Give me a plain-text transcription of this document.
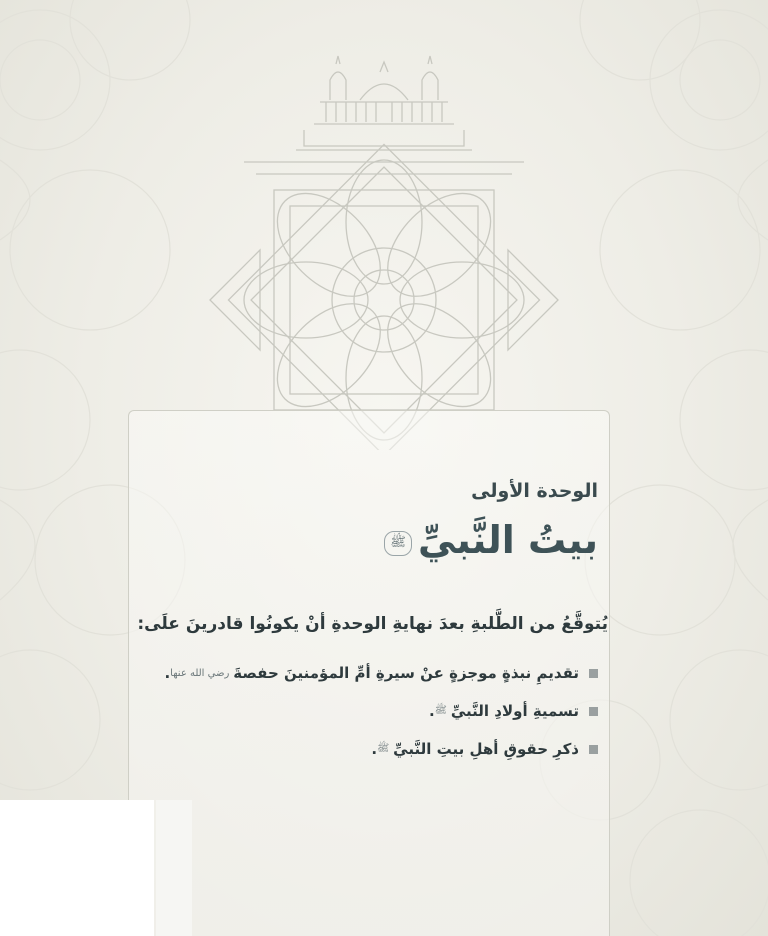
الوحدة الأولى
بيتُ النَّبيِّ
ﷺ
يُتوقَّعُ من الطَّلبةِ بعدَ نهايةِ الوحدةِ أنْ يكونُوا قادرينَ علَى:
تقديمِ نبذةٍ موجزةٍ عنْ سيرةِ أمِّ المؤمنينَ حفصةَ
رضي الله عنها
.
تسميةِ أولادِ النَّبيِّ
ﷺ
.
ذكرِ حقوقِ أهلِ بيتِ النَّبيِّ
ﷺ
.
